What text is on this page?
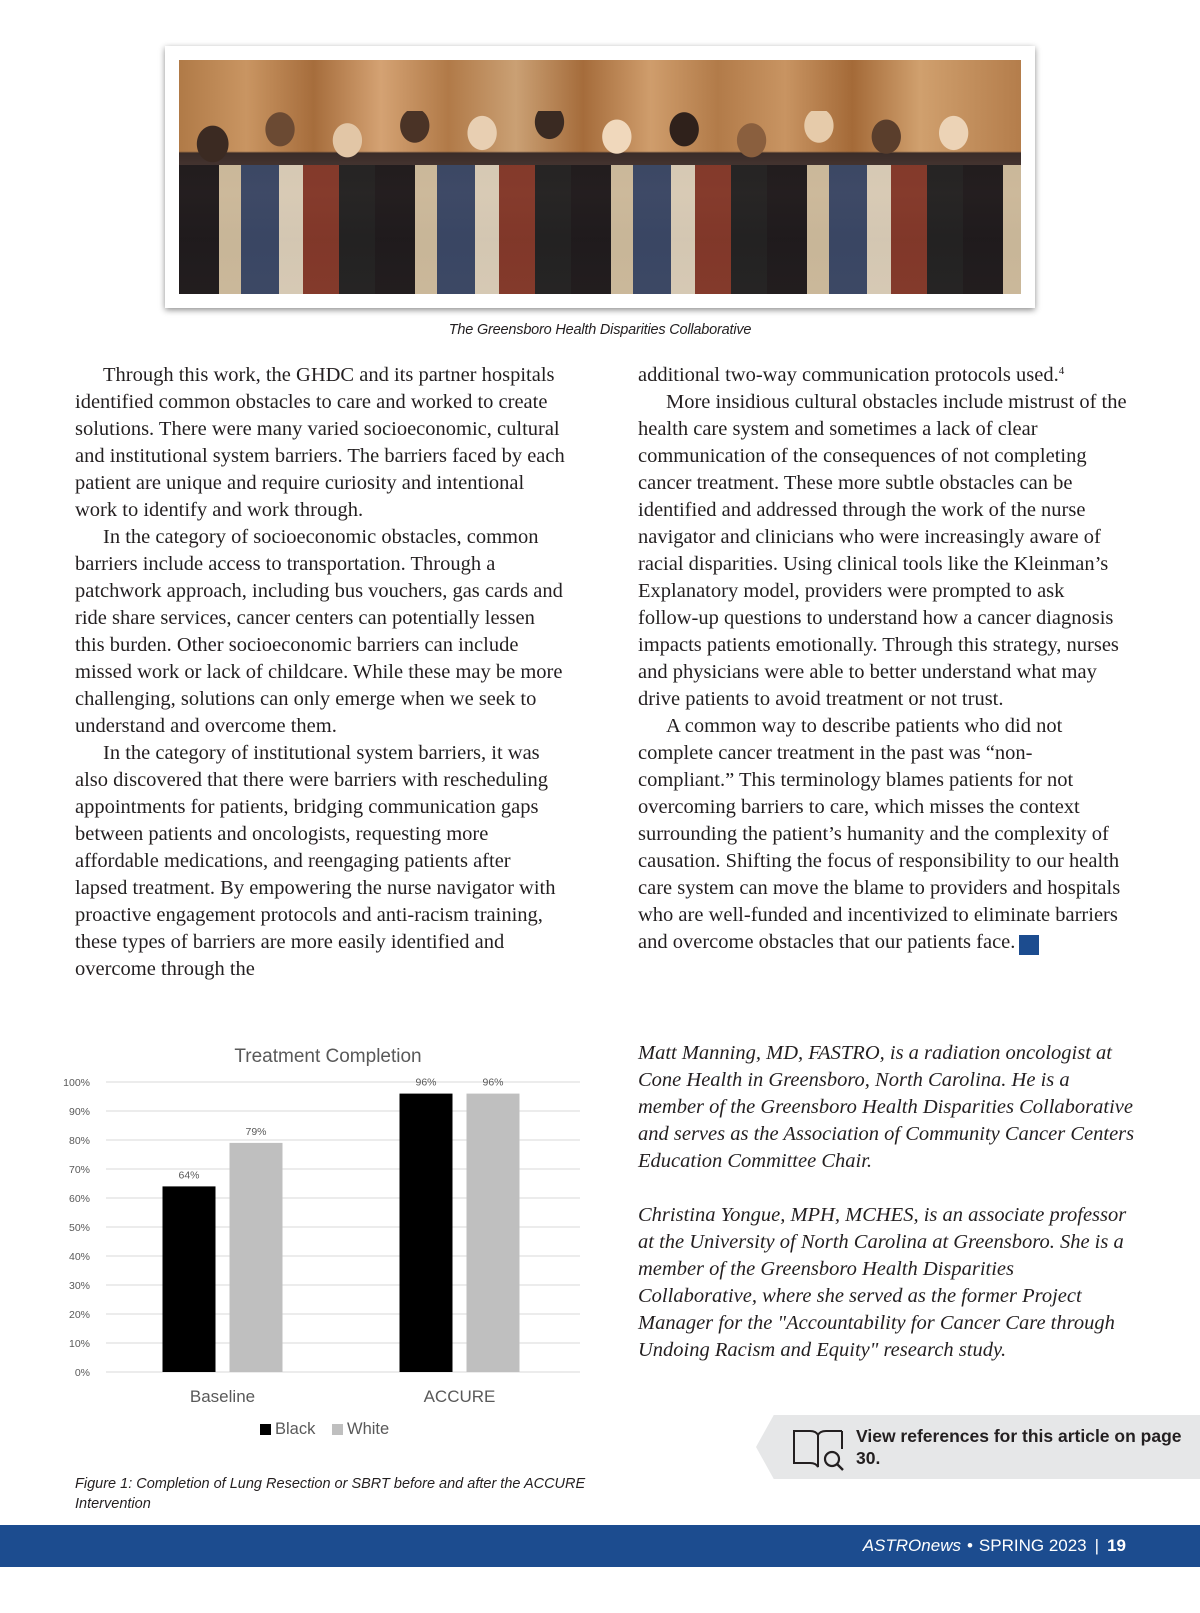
The Greensboro Health Disparities Collaborative

Through this work, the GHDC and its partner hospitals identified common obstacles to care and worked to create solutions. There were many varied socioeconomic, cultural and institutional system barriers. The barriers faced by each patient are unique and require curiosity and intentional work to identify and work through.

In the category of socioeconomic obstacles, common barriers include access to transportation. Through a patchwork approach, including bus vouchers, gas cards and ride share services, cancer centers can potentially lessen this burden. Other socioeconomic barriers can include missed work or lack of childcare. While these may be more challenging, solutions can only emerge when we seek to understand and overcome them.

In the category of institutional system barriers, it was also discovered that there were barriers with rescheduling appointments for patients, bridging communication gaps between patients and oncologists, requesting more affordable medications, and reengaging patients after lapsed treatment. By empowering the nurse navigator with proactive engagement protocols and anti-racism training, these types of barriers are more easily identified and overcome through the

additional two-way communication protocols used.$^4$

More insidious cultural obstacles include mistrust of the health care system and sometimes a lack of clear communication of the consequences of not completing cancer treatment. These more subtle obstacles can be identified and addressed through the work of the nurse navigator and clinicians who were increasingly aware of racial disparities. Using clinical tools like the Kleinman’s Explanatory model, providers were prompted to ask follow-up questions to understand how a cancer diagnosis impacts patients emotionally. Through this strategy, nurses and physicians were able to better understand what may drive patients to avoid treatment or not trust.

A common way to describe patients who did not complete cancer treatment in the past was “non-compliant.” This terminology blames patients for not overcoming barriers to care, which misses the context surrounding the patient’s humanity and the complexity of causation. Shifting the focus of responsibility to our health care system can move the blame to providers and hospitals who are well-funded and incentivized to eliminate barriers and overcome obstacles that our patients face. A

Matt Manning, MD, FASTRO, is a radiation oncologist at Cone Health in Greensboro, North Carolina. He is a member of the Greensboro Health Disparities Collaborative and serves as the Association of Community Cancer Centers Education Committee Chair.

Christina Yongue, MPH, MCHES, is an associate professor at the University of North Carolina at Greensboro. She is a member of the Greensboro Health Disparities Collaborative, where she served as the former Project Manager for the "Accountability for Cancer Care through Undoing Racism and Equity" research study.

Treatment Completion
0%
10%
20%
30%
40%
50%
60%
70%
80%
90%
100%
64%
79%
Baseline
96%	96%
ACCURE
Black White
Figure 1: Completion of Lung Resection or SBRT before and after the ACCURE Intervention
View references for this article on page 30.
ASTROnews • SPRING 2023 | 19
